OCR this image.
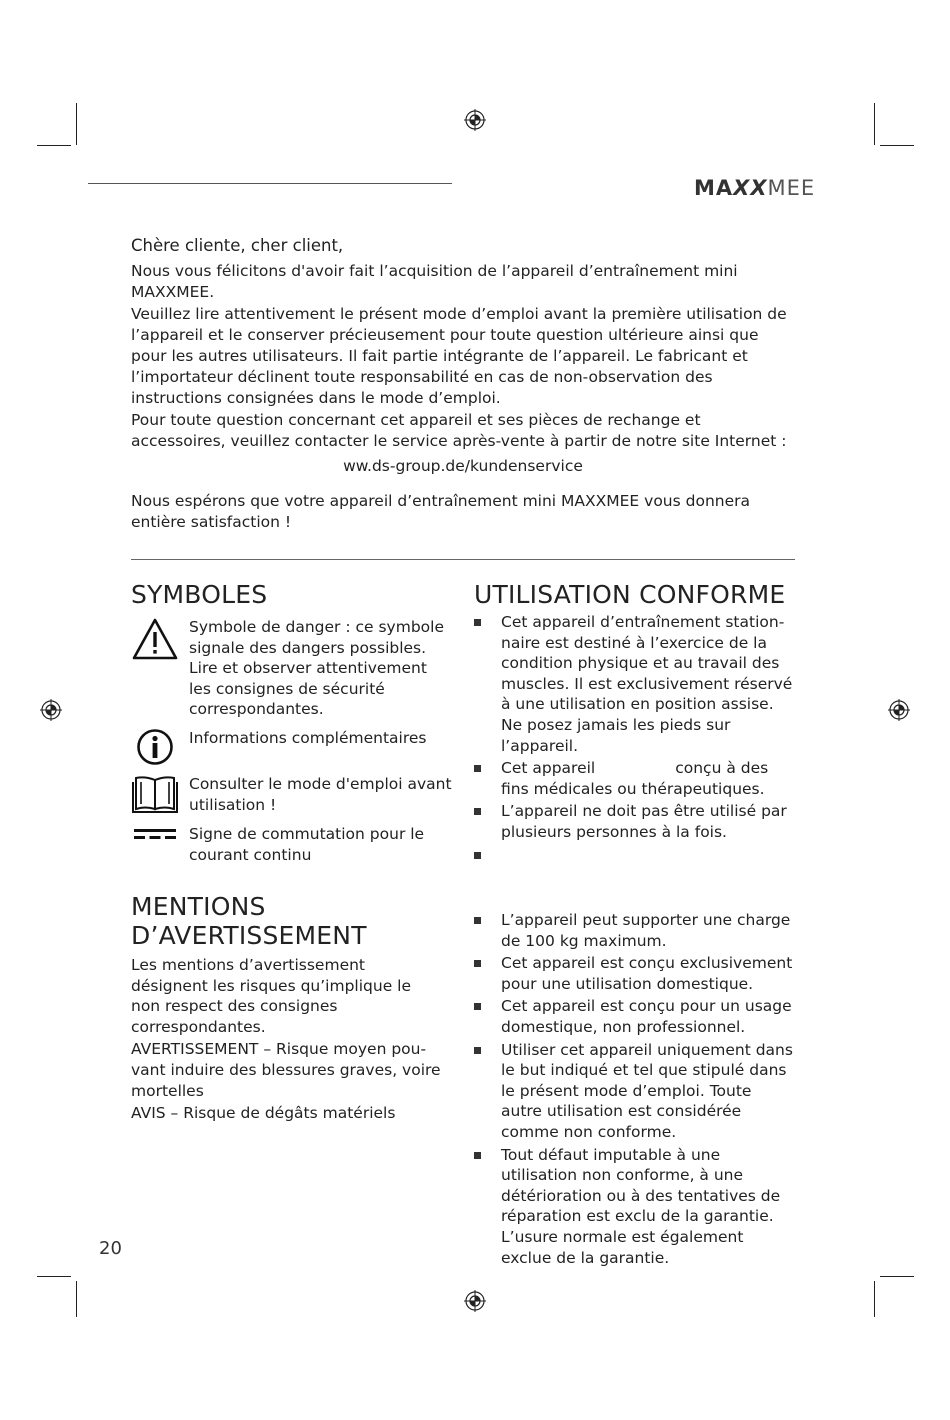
MAXXMEE

Chère cliente, cher client,

Nous vous félicitons d'avoir fait l’acquisition de l’appareil d’entraînement mini MAXXMEE.

Veuillez lire attentivement le présent mode d’emploi avant la première utilisation de l’appareil et le conserver précieusement pour toute question ultérieure ainsi que pour les autres utilisateurs. Il fait partie intégrante de l’appareil. Le fabricant et l’importateur déclinent toute responsabilité en cas de non-observation des instructions consignées dans le mode d’emploi.

Pour toute question concernant cet appareil et ses pièces de rechange et accessoires, veuillez contacter le service après-vente à partir de notre site Internet :

ww.ds-group.de/kundenservice

Nous espérons que votre appareil d’entraînement mini MAXXMEE vous donnera entière satisfaction !

SYMBOLES
Symbole de danger : ce symbole signale des dangers possibles. Lire et observer attentivement les consignes de sécurité correspondantes.
Informations complémentaires
Consulter le mode d'emploi avant utilisation !
Signe de commutation pour le courant continu
MENTIONS
D’AVERTISSEMENT

Les mentions d’avertissement désignent les risques qu’implique le non respect des consignes correspondantes.

AVERTISSEMENT – Risque moyen pouvant induire des blessures graves, voire mortelles

AVIS – Risque de dégâts matériels

UTILISATION CONFORME
Cet appareil d’entraînement stationnaire est destiné à l’exercice de la condition physique et au travail des muscles. Il est exclusivement réservé à une utilisation en position assise. Ne posez jamais les pieds sur l’appareil.
Cet appareil	conçu à des fins médicales ou thérapeutiques.
L’appareil ne doit pas être utilisé par plusieurs personnes à la fois.
L’appareil peut supporter une charge de 100 kg maximum.
Cet appareil est conçu exclusivement pour une utilisation domestique.
Cet appareil est conçu pour un usage domestique, non professionnel.
Utiliser cet appareil uniquement dans le but indiqué et tel que stipulé dans le présent mode d’emploi. Toute autre utilisation est considérée comme non conforme.
Tout défaut imputable à une utilisation non conforme, à une détérioration ou à des tentatives de réparation est exclu de la garantie. L’usure normale est également exclue de la garantie.
20
